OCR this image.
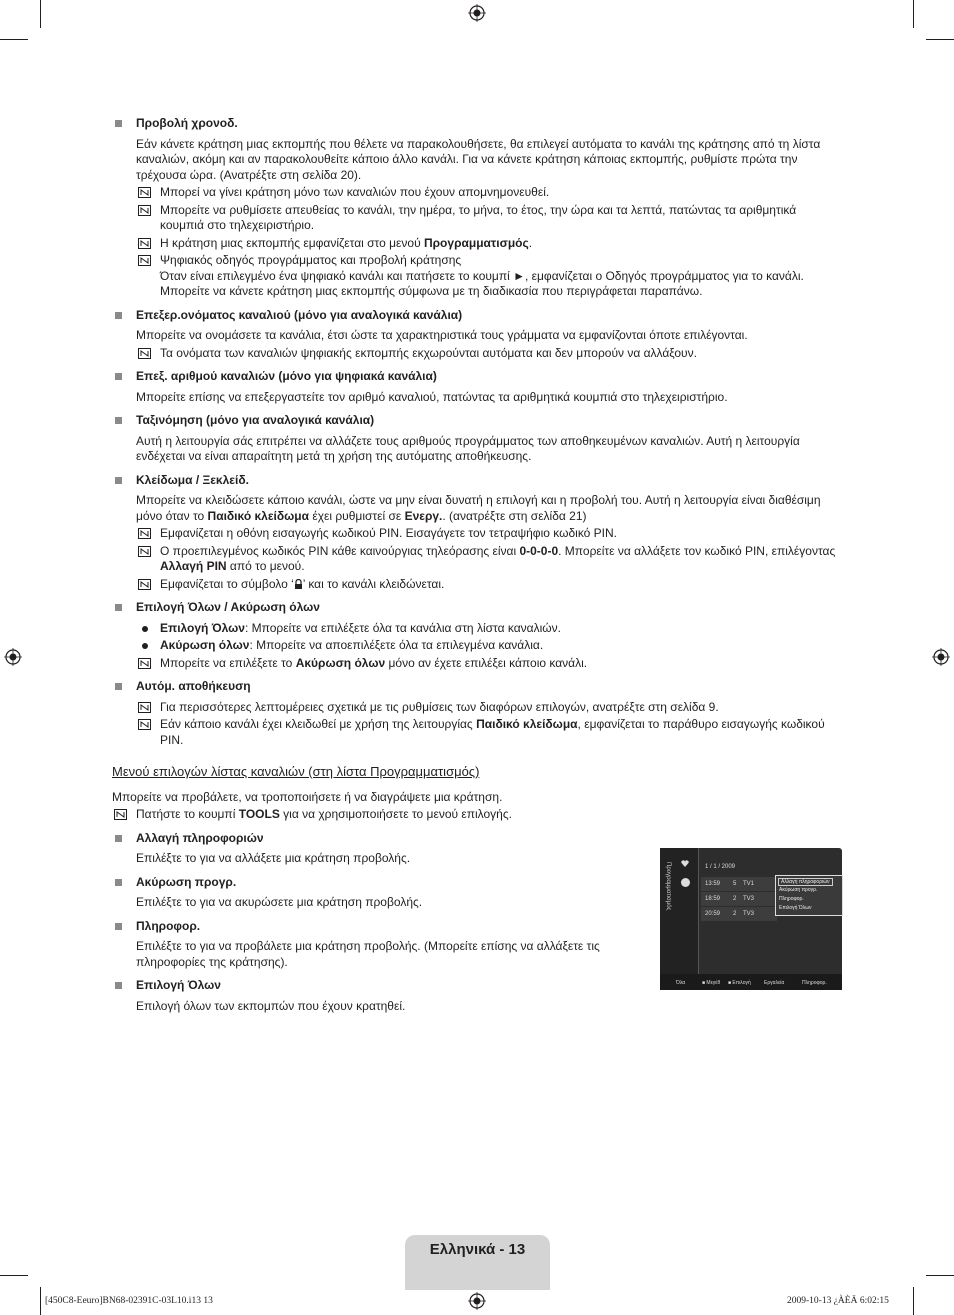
Προβολή χρονοδ.
Εάν κάνετε κράτηση μιας εκπομπής που θέλετε να παρακολουθήσετε, θα επιλεγεί αυτόματα το κανάλι της κράτησης από τη λίστα καναλιών, ακόμη και αν παρακολουθείτε κάποιο άλλο κανάλι. Για να κάνετε κράτηση κάποιας εκπομπής, ρυθμίστε πρώτα την τρέχουσα ώρα. (Ανατρέξτε στη σελίδα 20).
Μπορεί να γίνει κράτηση μόνο των καναλιών που έχουν απομνημονευθεί.
Μπορείτε να ρυθμίσετε απευθείας το κανάλι, την ημέρα, το μήνα, το έτος, την ώρα και τα λεπτά, πατώντας τα αριθμητικά κουμπιά στο τηλεχειριστήριο.
Η κράτηση μιας εκπομπής εμφανίζεται στο μενού Προγραμματισμός.
Ψηφιακός οδηγός προγράμματος και προβολή κράτησης
Όταν είναι επιλεγμένο ένα ψηφιακό κανάλι και πατήσετε το κουμπί ►, εμφανίζεται ο Οδηγός προγράμματος για το κανάλι. Μπορείτε να κάνετε κράτηση μιας εκπομπής σύμφωνα με τη διαδικασία που περιγράφεται παραπάνω.
Επεξερ.ονόματος καναλιού (μόνο για αναλογικά κανάλια)
Μπορείτε να ονομάσετε τα κανάλια, έτσι ώστε τα χαρακτηριστικά τους γράμματα να εμφανίζονται όποτε επιλέγονται.
Τα ονόματα των καναλιών ψηφιακής εκπομπής εκχωρούνται αυτόματα και δεν μπορούν να αλλάξουν.
Επεξ. αριθμού καναλιών (μόνο για ψηφιακά κανάλια)
Μπορείτε επίσης να επεξεργαστείτε τον αριθμό καναλιού, πατώντας τα αριθμητικά κουμπιά στο τηλεχειριστήριο.
Ταξινόμηση (μόνο για αναλογικά κανάλια)
Αυτή η λειτουργία σάς επιτρέπει να αλλάζετε τους αριθμούς προγράμματος των αποθηκευμένων καναλιών. Αυτή η λειτουργία ενδέχεται να είναι απαραίτητη μετά τη χρήση της αυτόματης αποθήκευσης.
Κλείδωμα / Ξεκλείδ.
Μπορείτε να κλειδώσετε κάποιο κανάλι, ώστε να μην είναι δυνατή η επιλογή και η προβολή του. Αυτή η λειτουργία είναι διαθέσιμη μόνο όταν το Παιδικό κλείδωμα έχει ρυθμιστεί σε Ενεργ.. (ανατρέξτε στη σελίδα 21)
Εμφανίζεται η οθόνη εισαγωγής κωδικού PIN. Εισαγάγετε τον τετραψήφιο κωδικό PIN.
Ο προεπιλεγμένος κωδικός PIN κάθε καινούργιας τηλεόρασης είναι 0-0-0-0. Μπορείτε να αλλάξετε τον κωδικό PIN, επιλέγοντας Αλλαγή PIN από το μενού.
Εμφανίζεται το σύμβολο ‘ ’ και το κανάλι κλειδώνεται.
Επιλογή Όλων / Ακύρωση όλων
Επιλογή Όλων: Μπορείτε να επιλέξετε όλα τα κανάλια στη λίστα καναλιών.
Ακύρωση όλων: Μπορείτε να αποεπιλέξετε όλα τα επιλεγμένα κανάλια.
Μπορείτε να επιλέξετε το Ακύρωση όλων μόνο αν έχετε επιλέξει κάποιο κανάλι.
Αυτόμ. αποθήκευση
Για περισσότερες λεπτομέρειες σχετικά με τις ρυθμίσεις των διαφόρων επιλογών, ανατρέξτε στη σελίδα 9.
Εάν κάποιο κανάλι έχει κλειδωθεί με χρήση της λειτουργίας Παιδικό κλείδωμα, εμφανίζεται το παράθυρο εισαγωγής κωδικού PIN.
Μενού επιλογών λίστας καναλιών (στη λίστα Προγραμματισμός)
Μπορείτε να προβάλετε, να τροποποιήσετε ή να διαγράψετε μια κράτηση.
Πατήστε το κουμπί TOOLS για να χρησιμοποιήσετε το μενού επιλογής.
Αλλαγή πληροφοριών
Επιλέξτε το για να αλλάξετε μια κράτηση προβολής.
Ακύρωση προγρ.
Επιλέξτε το για να ακυρώσετε μια κράτηση προβολής.
Πληροφορ.
Επιλέξτε το για να προβάλετε μια κράτηση προβολής. (Μπορείτε επίσης να αλλάξετε τις πληροφορίες της κράτησης).
Επιλογή Όλων
Επιλογή όλων των εκπομπών που έχουν κρατηθεί.
Προγραμματισμός	1 / 1 / 2009
13:59 5 TV1
18:59 2 TV3
20:59 2 TV3
Αλλαγή πληροφοριών
Ακύρωση προγρ.
Πληροφορ.
Επιλογή Όλων
Όλα	■ Μεγέθ ■ Επιλογή	Εργαλεία	Πληροφορ.
Ελληνικά - 13
[450C8-Eeuro]BN68-02391C-03L10.i13 13	2009-10-13 ¿ÀÈÄ 6:02:15
